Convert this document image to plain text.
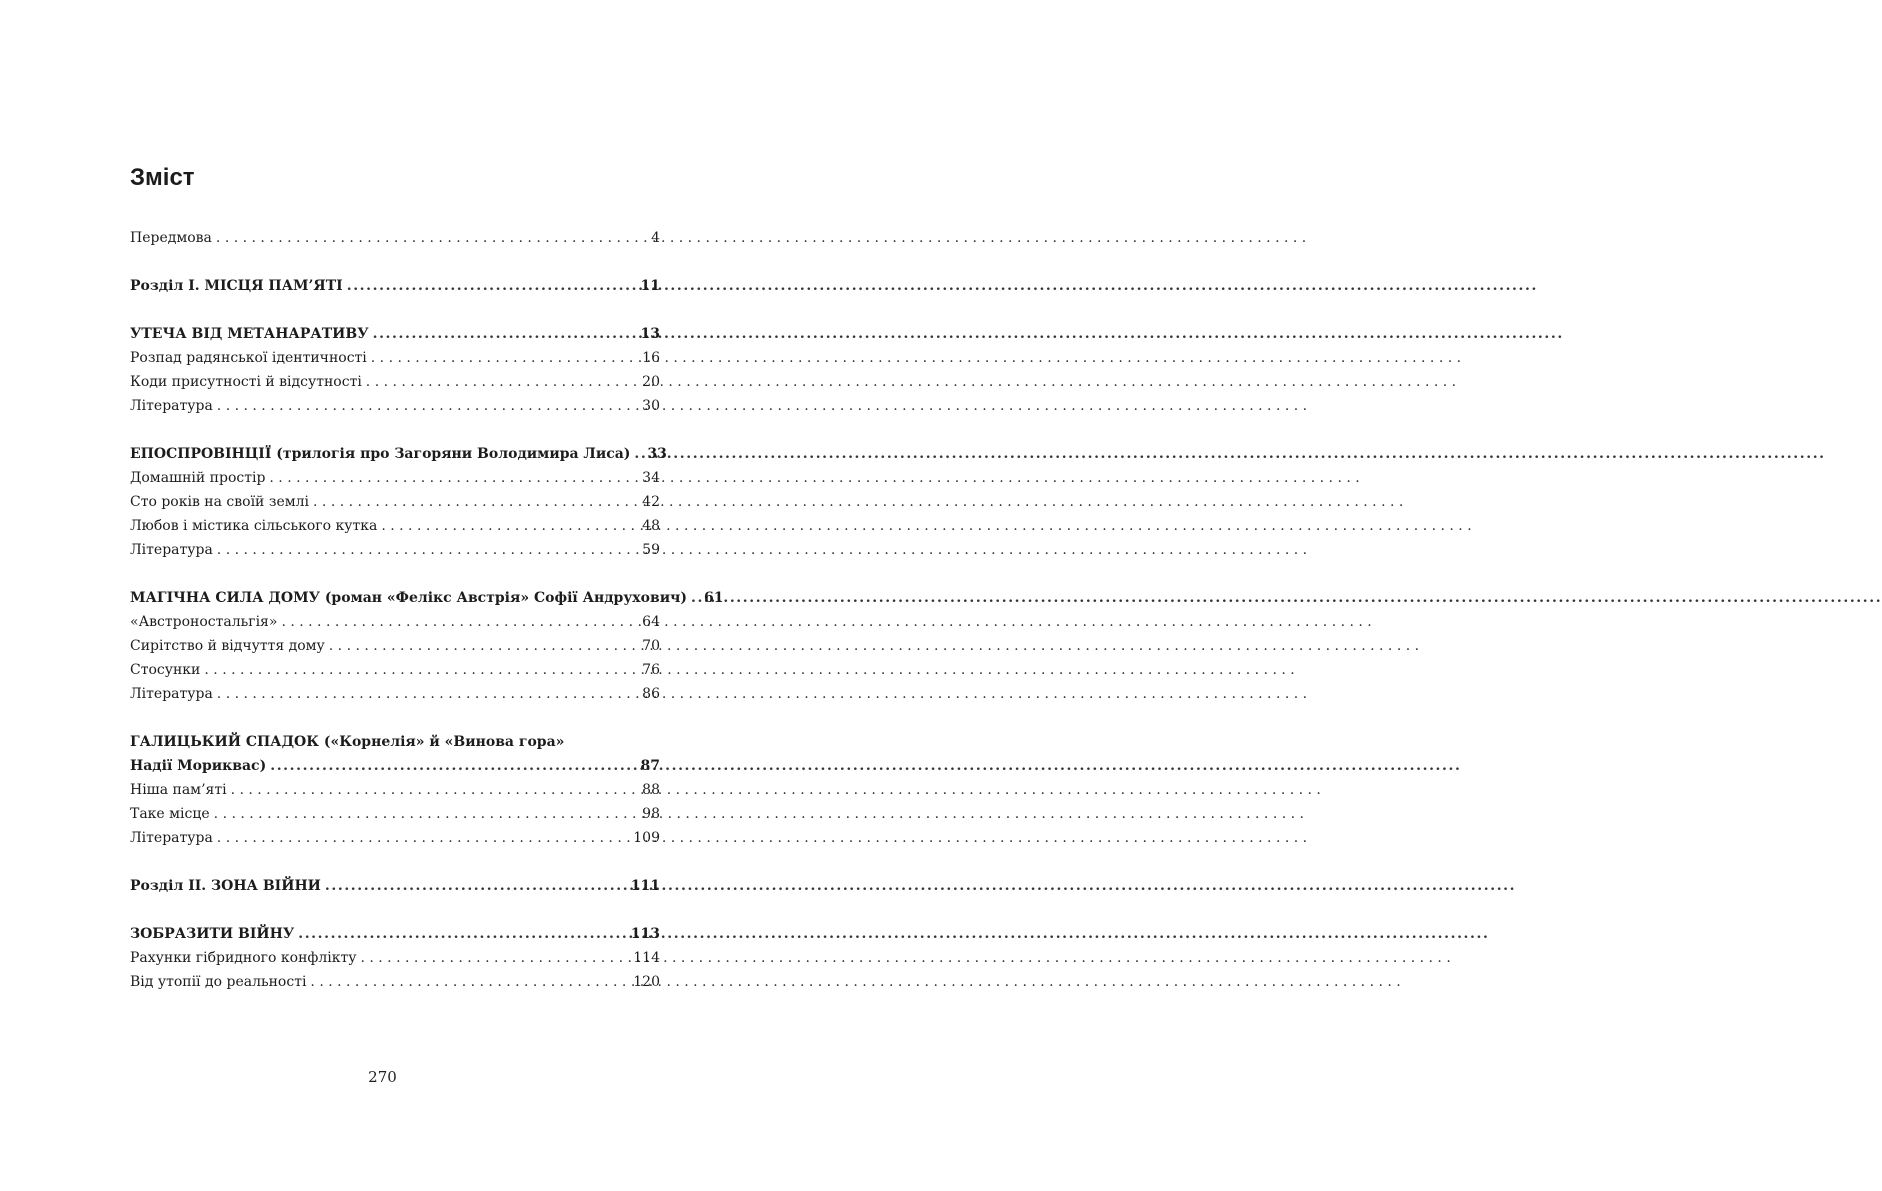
Зміст
Передмова . . .	4
Розділ І. МІСЦЯ ПАМ’ЯТІ .....	11
УТЕЧА ВІД МЕТАНАРАТИВУ .....	13
Розпад радянської ідентичності . . .	16
Коди присутності й відсутності . . .	20
Література . . .	30
ЕПОСПРОВІНЦІЇ (трилогія про Загоряни Володимира Лиса) ..... 33
Домашній простір . . .	34
Сто років на своїй землі . . .	42
Любов і містика сільського кутка . . .	48
Література . . .	59
МАГІЧНА СИЛА ДОМУ (роман «Фелікс Австрія» Софії Андрухович) ..... 61
«Австроностальгія» . . .	64
Сирітство й відчуття дому . . .	70
Стосунки . . .	76
Література . . .	86
ГАЛИЦЬКИЙ СПАДОК («Корнелія» й «Винова гора»
Надії Морикваc) .....	87
Ніша пам’яті . . .	88
Таке місце . . .	98
Література . . .	109
Розділ ІІ. ЗОНА ВІЙНИ .....	111
ЗОБРАЗИТИ ВІЙНУ .....	113
Рахунки гібридного конфлікту . . .	114
Від утопії до реальності . . .	120
270
